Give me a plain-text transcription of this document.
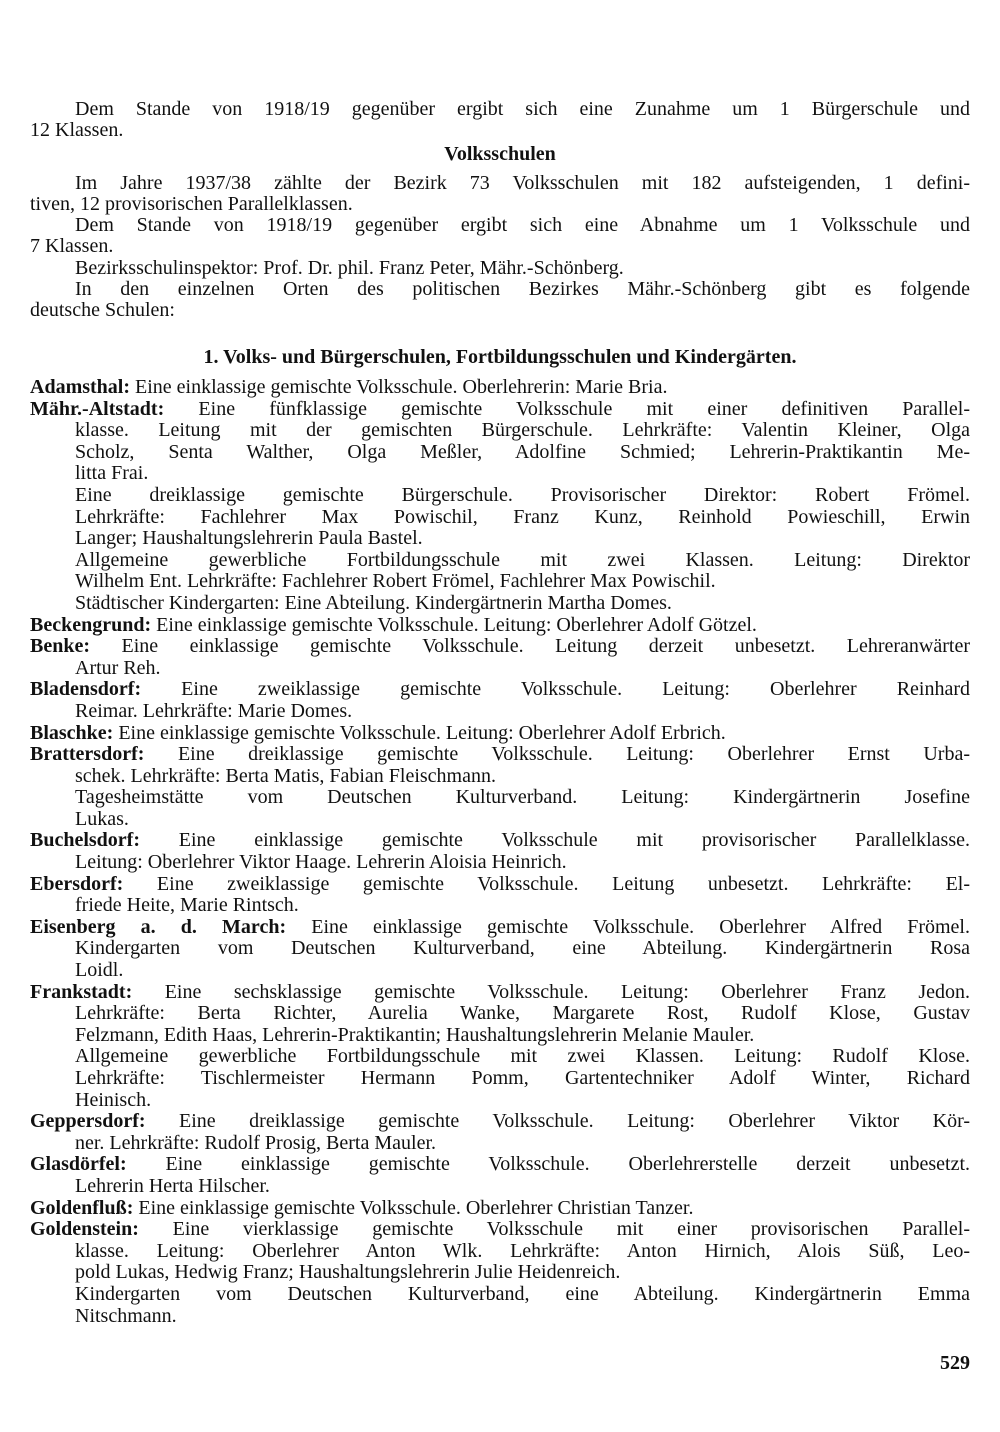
Dem Stande von 1918/19 gegenüber ergibt sich eine Zunahme um 1 Bürgerschule und
12 Klassen.
Volksschulen
Im Jahre 1937/38 zählte der Bezirk 73 Volksschulen mit 182 aufsteigenden, 1 defini-
tiven, 12 provisorischen Parallelklassen.
Dem Stande von 1918/19 gegenüber ergibt sich eine Abnahme um 1 Volksschule und
7 Klassen.
Bezirksschulinspektor: Prof. Dr. phil. Franz Peter, Mähr.-Schönberg.
In den einzelnen Orten des politischen Bezirkes Mähr.-Schönberg gibt es folgende
deutsche Schulen:
1. Volks- und Bürgerschulen, Fortbildungsschulen und Kindergärten.
Adamsthal: Eine einklassige gemischte Volksschule. Oberlehrerin: Marie Bria.
Mähr.-Altstadt: Eine fünfklassige gemischte Volksschule mit einer definitiven Parallel-
klasse. Leitung mit der gemischten Bürgerschule. Lehrkräfte: Valentin Kleiner, Olga
Scholz, Senta Walther, Olga Meßler, Adolfine Schmied; Lehrerin-Praktikantin Me-
litta Frai.
Eine dreiklassige gemischte Bürgerschule. Provisorischer Direktor: Robert Frömel.
Lehrkräfte: Fachlehrer Max Powischil, Franz Kunz, Reinhold Powieschill, Erwin
Langer; Haushaltungslehrerin Paula Bastel.
Allgemeine gewerbliche Fortbildungsschule mit zwei Klassen. Leitung: Direktor
Wilhelm Ent. Lehrkräfte: Fachlehrer Robert Frömel, Fachlehrer Max Powischil.
Städtischer Kindergarten: Eine Abteilung. Kindergärtnerin Martha Domes.
Beckengrund: Eine einklassige gemischte Volksschule. Leitung: Oberlehrer Adolf Götzel.
Benke: Eine einklassige gemischte Volksschule. Leitung derzeit unbesetzt. Lehreranwärter
Artur Reh.
Bladensdorf: Eine zweiklassige gemischte Volksschule. Leitung: Oberlehrer Reinhard
Reimar. Lehrkräfte: Marie Domes.
Blaschke: Eine einklassige gemischte Volksschule. Leitung: Oberlehrer Adolf Erbrich.
Brattersdorf: Eine dreiklassige gemischte Volksschule. Leitung: Oberlehrer Ernst Urba-
schek. Lehrkräfte: Berta Matis, Fabian Fleischmann.
Tagesheimstätte vom Deutschen Kulturverband. Leitung: Kindergärtnerin Josefine
Lukas.
Buchelsdorf: Eine einklassige gemischte Volksschule mit provisorischer Parallelklasse.
Leitung: Oberlehrer Viktor Haage. Lehrerin Aloisia Heinrich.
Ebersdorf: Eine zweiklassige gemischte Volksschule. Leitung unbesetzt. Lehrkräfte: El-
friede Heite, Marie Rintsch.
Eisenberg a. d. March: Eine einklassige gemischte Volksschule. Oberlehrer Alfred Frömel.
Kindergarten vom Deutschen Kulturverband, eine Abteilung. Kindergärtnerin Rosa
Loidl.
Frankstadt: Eine sechsklassige gemischte Volksschule. Leitung: Oberlehrer Franz Jedon.
Lehrkräfte: Berta Richter, Aurelia Wanke, Margarete Rost, Rudolf Klose, Gustav
Felzmann, Edith Haas, Lehrerin-Praktikantin; Haushaltungslehrerin Melanie Mauler.
Allgemeine gewerbliche Fortbildungsschule mit zwei Klassen. Leitung: Rudolf Klose.
Lehrkräfte: Tischlermeister Hermann Pomm, Gartentechniker Adolf Winter, Richard
Heinisch.
Geppersdorf: Eine dreiklassige gemischte Volksschule. Leitung: Oberlehrer Viktor Kör-
ner. Lehrkräfte: Rudolf Prosig, Berta Mauler.
Glasdörfel: Eine einklassige gemischte Volksschule. Oberlehrerstelle derzeit unbesetzt.
Lehrerin Herta Hilscher.
Goldenfluß: Eine einklassige gemischte Volksschule. Oberlehrer Christian Tanzer.
Goldenstein: Eine vierklassige gemischte Volksschule mit einer provisorischen Parallel-
klasse. Leitung: Oberlehrer Anton Wlk. Lehrkräfte: Anton Hirnich, Alois Süß, Leo-
pold Lukas, Hedwig Franz; Haushaltungslehrerin Julie Heidenreich.
Kindergarten vom Deutschen Kulturverband, eine Abteilung. Kindergärtnerin Emma
Nitschmann.
529
